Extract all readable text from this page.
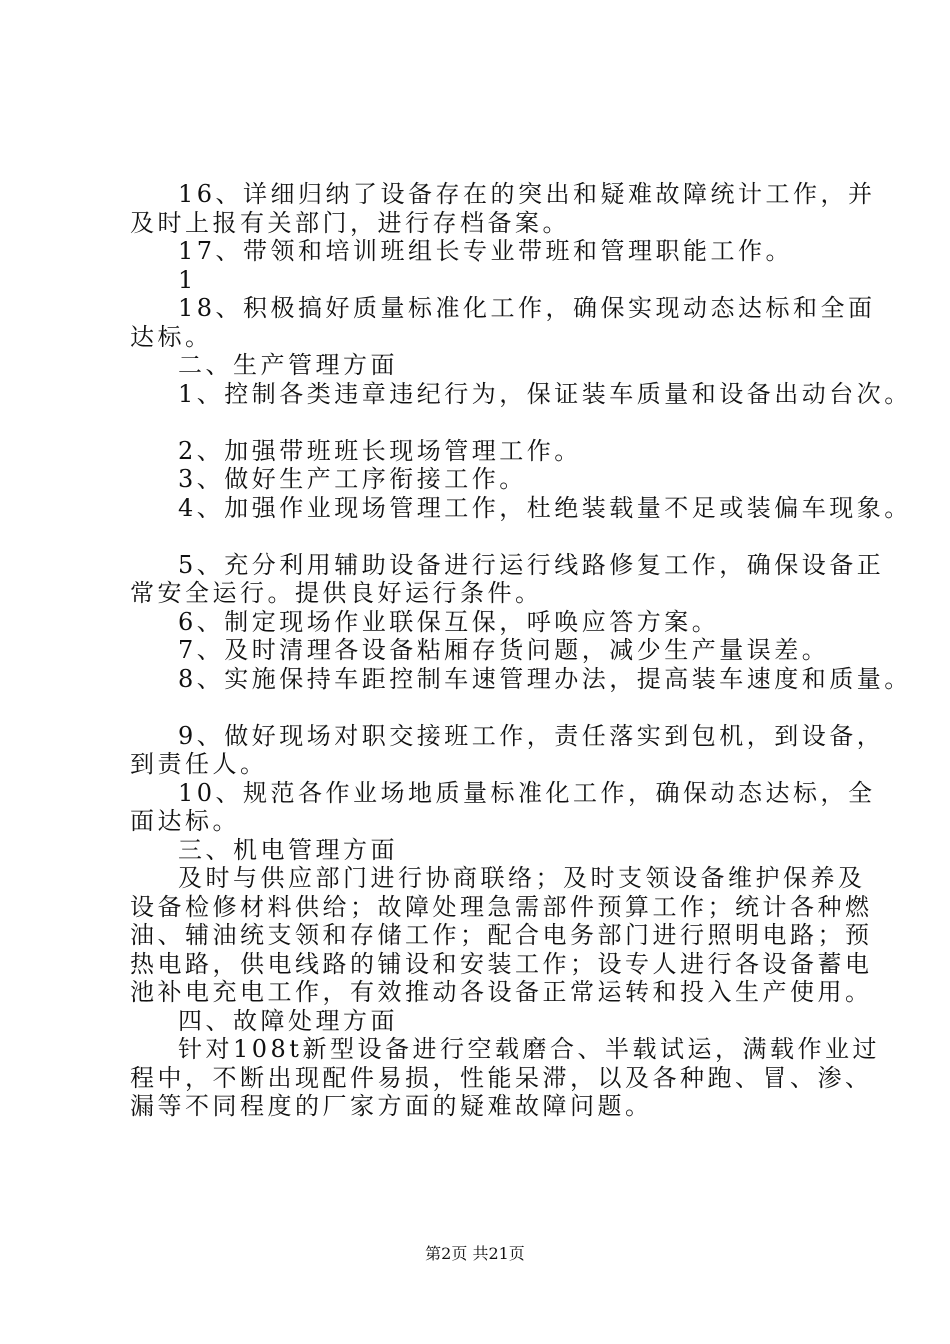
16、详细归纳了设备存在的突出和疑难故障统计工作，并
及时上报有关部门，进行存档备案。
17、带领和培训班组长专业带班和管理职能工作。
1
18、积极搞好质量标准化工作，确保实现动态达标和全面
达标。
二、生产管理方面
1、控制各类违章违纪行为，保证装车质量和设备出动台次。
2、加强带班班长现场管理工作。
3、做好生产工序衔接工作。
4、加强作业现场管理工作，杜绝装载量不足或装偏车现象。
5、充分利用辅助设备进行运行线路修复工作，确保设备正
常安全运行。提供良好运行条件。
6、制定现场作业联保互保，呼唤应答方案。
7、及时清理各设备粘厢存货问题，减少生产量误差。
8、实施保持车距控制车速管理办法，提高装车速度和质量。
9、做好现场对职交接班工作，责任落实到包机，到设备，
到责任人。
10、规范各作业场地质量标准化工作，确保动态达标，全
面达标。
三、机电管理方面
及时与供应部门进行协商联络；及时支领设备维护保养及
设备检修材料供给；故障处理急需部件预算工作；统计各种燃
油、辅油统支领和存储工作；配合电务部门进行照明电路；预
热电路，供电线路的铺设和安装工作；设专人进行各设备蓄电
池补电充电工作，有效推动各设备正常运转和投入生产使用。
四、故障处理方面
针对108t新型设备进行空载磨合、半载试运，满载作业过
程中，不断出现配件易损，性能呆滞，以及各种跑、冒、渗、
漏等不同程度的厂家方面的疑难故障问题。
第2页 共21页
